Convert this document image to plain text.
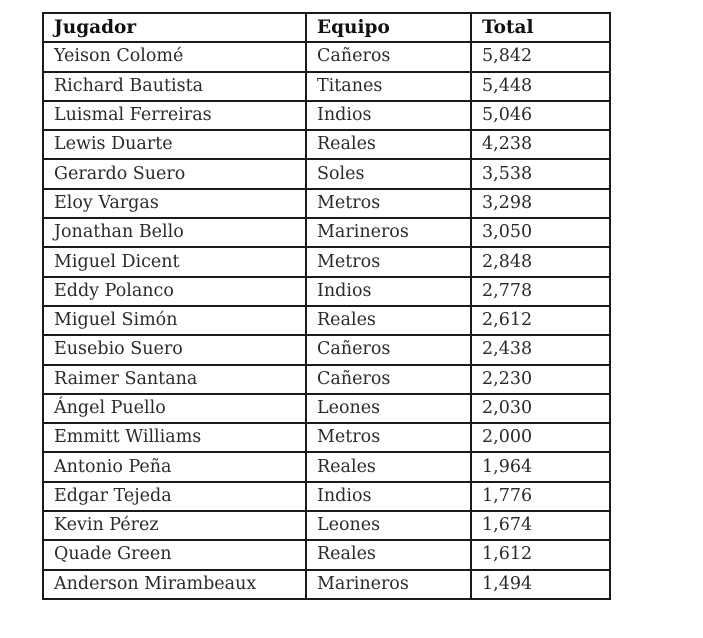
Jugador	Equipo	Total
Yeison Colomé	Cañeros	5,842
Richard Bautista	Titanes	5,448
Luismal Ferreiras	Indios	5,046
Lewis Duarte	Reales	4,238
Gerardo Suero	Soles	3,538
Eloy Vargas	Metros	3,298
Jonathan Bello	Marineros	3,050
Miguel Dicent	Metros	2,848
Eddy Polanco	Indios	2,778
Miguel Simón	Reales	2,612
Eusebio Suero	Cañeros	2,438
Raimer Santana	Cañeros	2,230
Ángel Puello	Leones	2,030
Emmitt Williams	Metros	2,000
Antonio Peña	Reales	1,964
Edgar Tejeda	Indios	1,776
Kevin Pérez	Leones	1,674
Quade Green	Reales	1,612
Anderson Mirambeaux	Marineros	1,494
